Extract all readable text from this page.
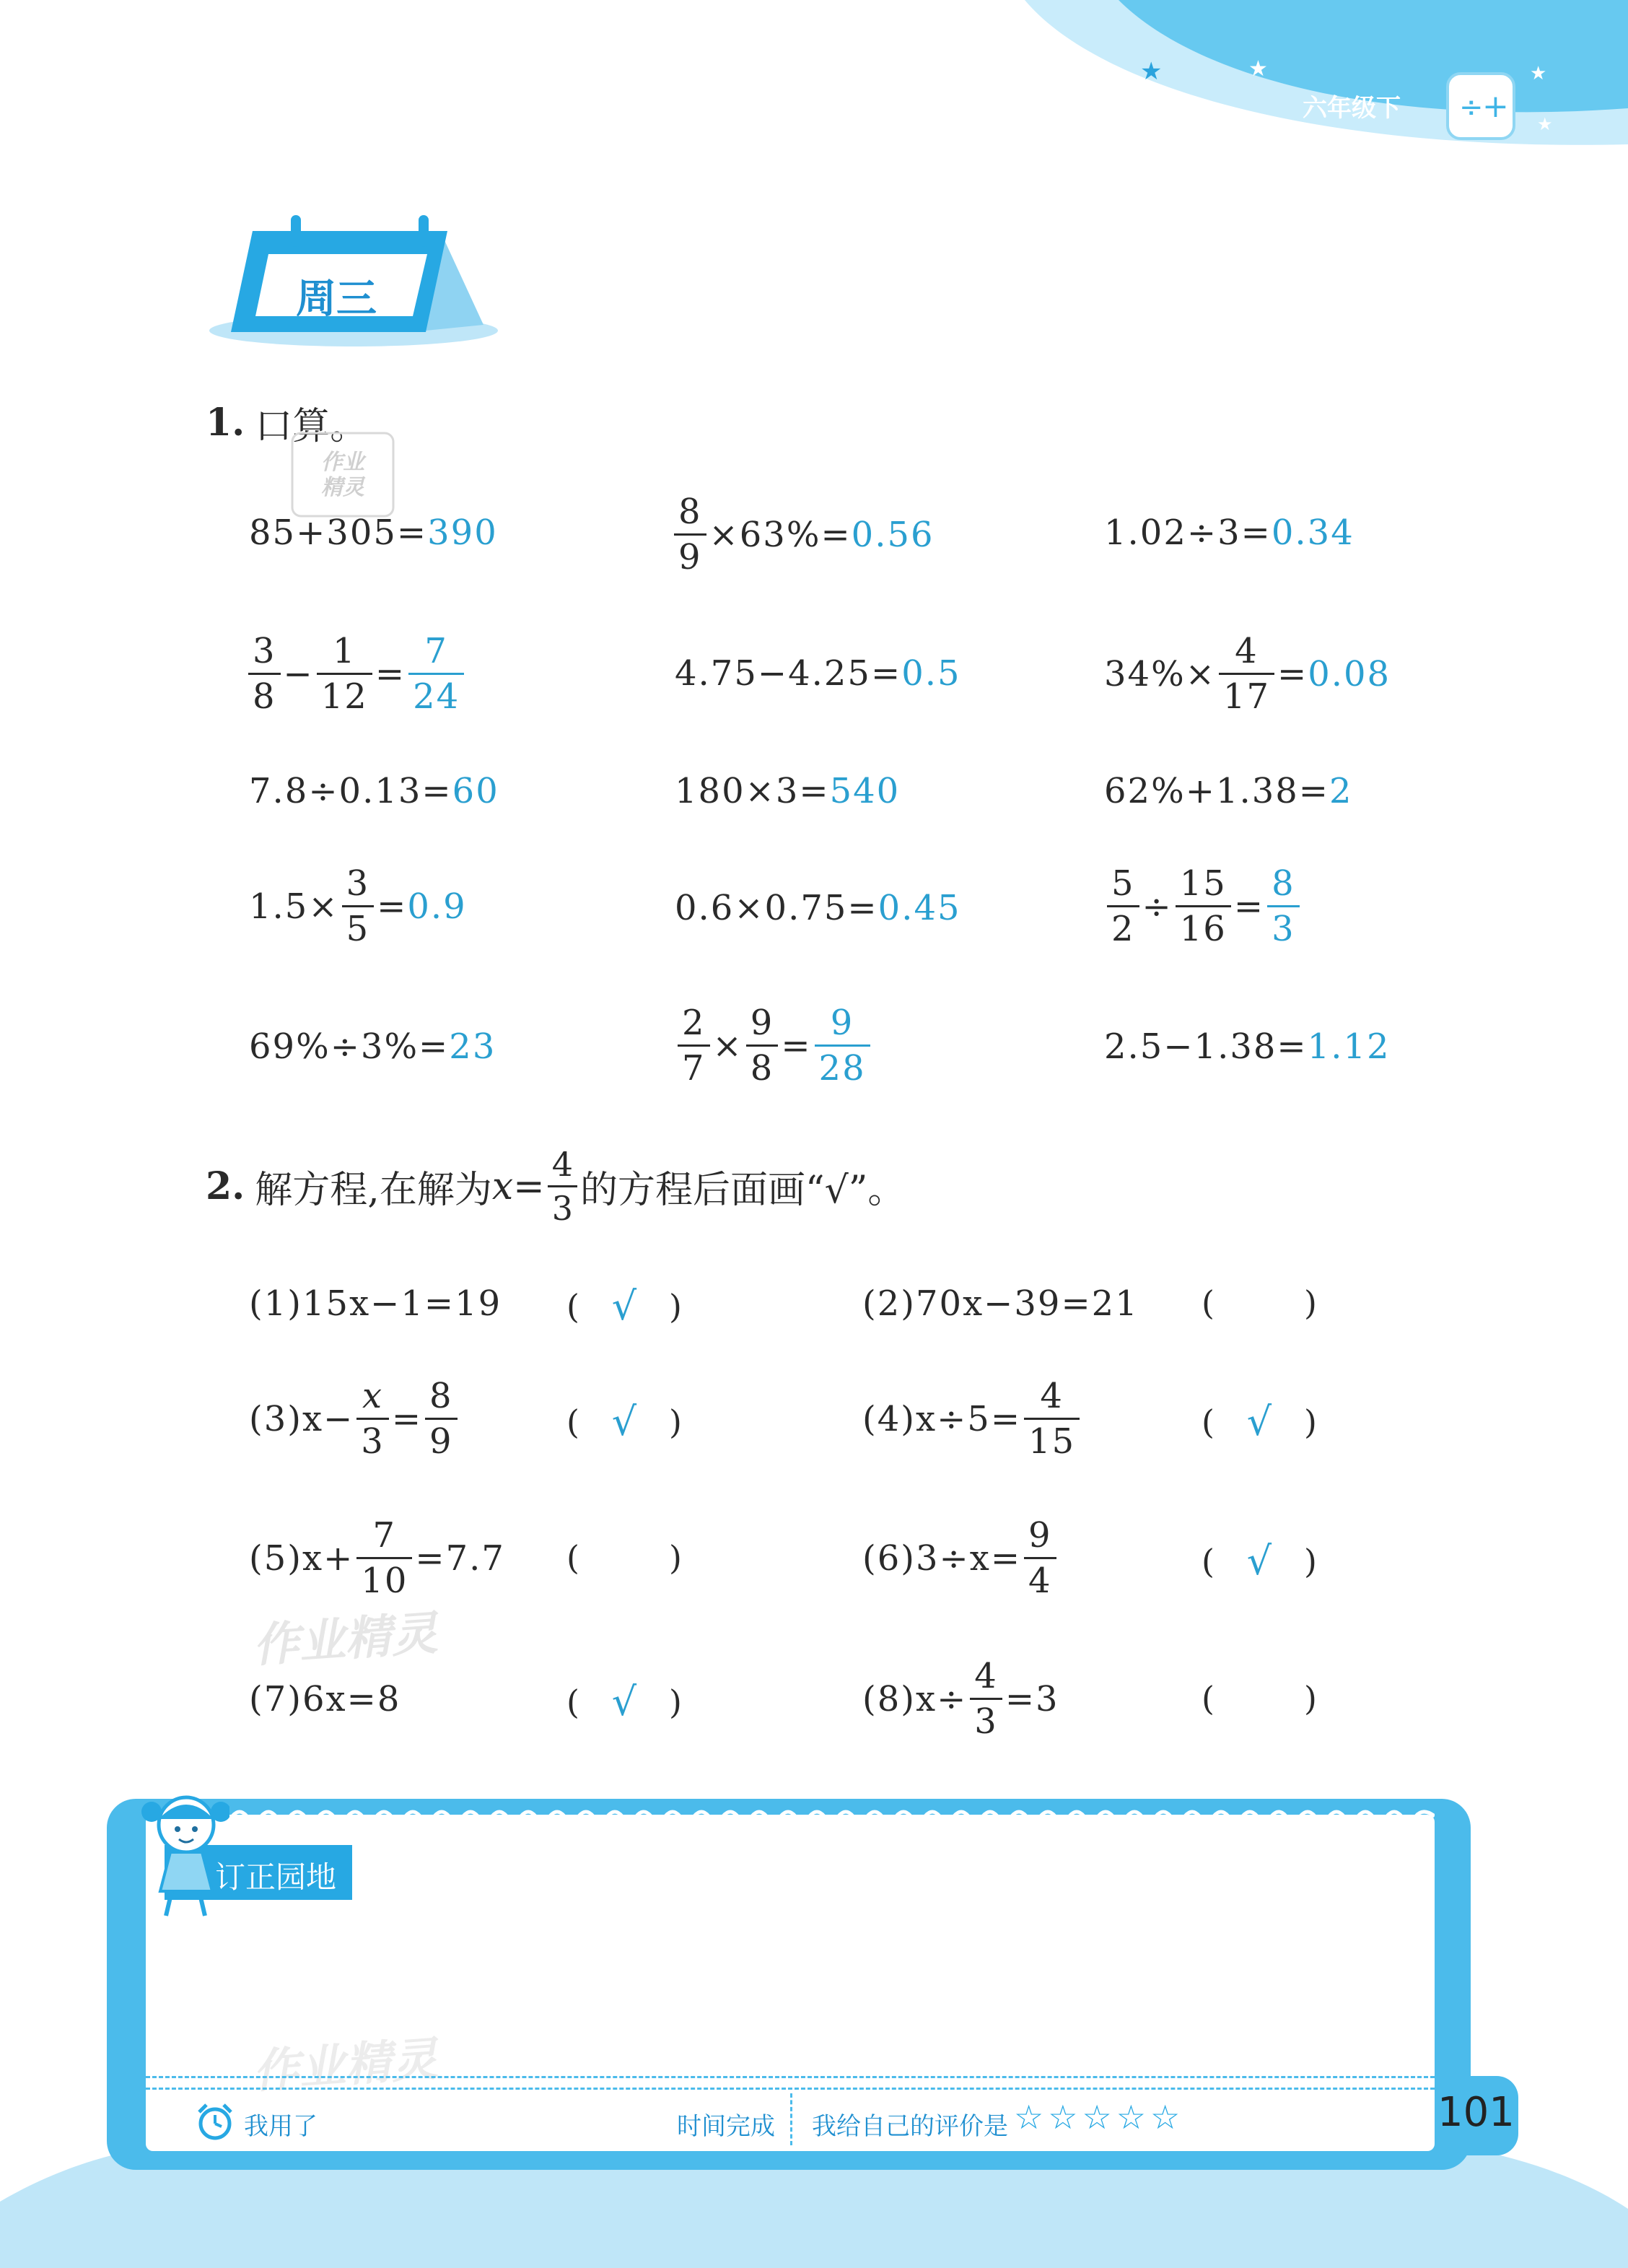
★	★	★
★
六年级下 ÷
+
周三
1. 口算。
作业
精灵
85+305= 390	$\frac{8}{9} \times 63\%= 0.56$	1.02÷3= 0.34
$\frac{3}{8} - \frac{1}{12} = \frac{7}{24}$	4.75−4.25= 0.5	$34\%\times \frac{4}{17} = 0.08$
7.8÷0.13= 60	180×3= 540	62%+1.38= 2
$1.5\times \frac{3}{5} = 0.9$	0.6×0.75= 0.45	$\frac{5}{2} \div \frac{15}{16} = \frac{8}{3}$
69%÷3%= 23	$\frac{2}{7} \times \frac{9}{8} = \frac{9}{28}$	2.5−1.38= 1.12
2. 解方程,在解为 $x= \frac{4}{3}$ 的方程后面画“√”。
(1)15x−1=19 ( √ )	(2)70x−39=21 (	)
$(3)x- \frac{x}{3} = \frac{8}{9}$	( √ )	$(4)x\div 5= \frac{4}{15}$	( √ )
$(5)x+ \frac{7}{10} =7.7$ (	)	$(6)3\div x= \frac{9}{4}$	( √ )
作业精灵
(7)6x=8	( √ )	$(8)x\div \frac{4}{3} =3$	(	)
订正园地
作业精灵
我用了	时间完成 我给自己的评价是 ☆ ☆ ☆ ☆ ☆	101
